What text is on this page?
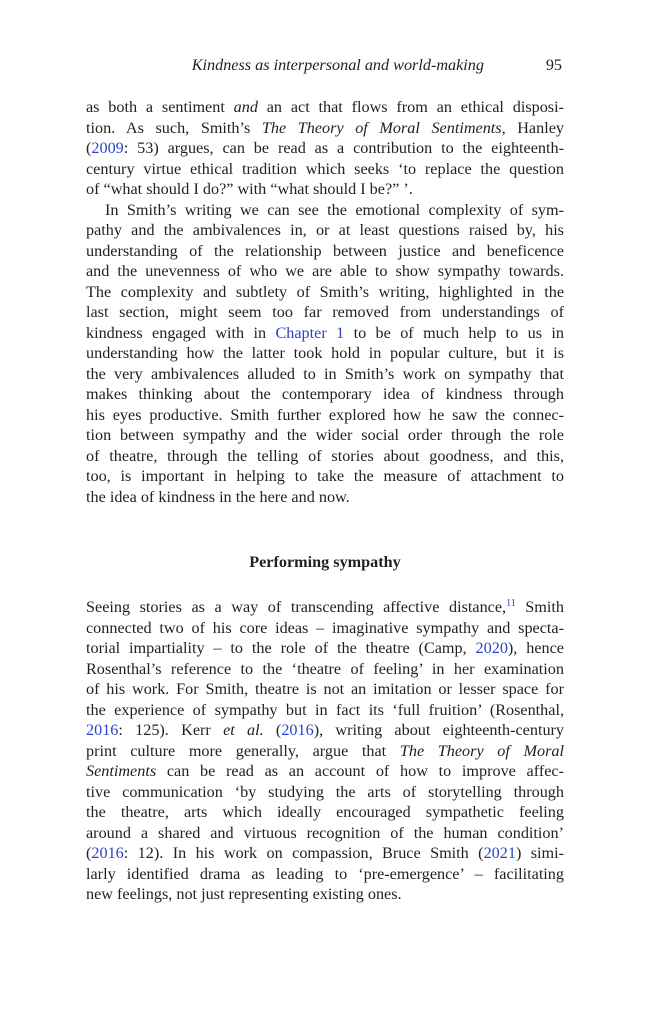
Kindness as interpersonal and world-making	95

as both a sentiment and an act that flows from an ethical disposi-
tion. As such, Smith’s The Theory of Moral Sentiments, Hanley
(2009: 53) argues, can be read as a contribution to the eighteenth-
century virtue ethical tradition which seeks ‘to replace the question
of “what should I do?” with “what should I be?” ’.

In Smith’s writing we can see the emotional complexity of sym-
pathy and the ambivalences in, or at least questions raised by, his
understanding of the relationship between justice and beneficence
and the unevenness of who we are able to show sympathy towards.
The complexity and subtlety of Smith’s writing, highlighted in the
last section, might seem too far removed from understandings of
kindness engaged with in Chapter 1 to be of much help to us in
understanding how the latter took hold in popular culture, but it is
the very ambivalences alluded to in Smith’s work on sympathy that
makes thinking about the contemporary idea of kindness through
his eyes productive. Smith further explored how he saw the connec-
tion between sympathy and the wider social order through the role
of theatre, through the telling of stories about goodness, and this,
too, is important in helping to take the measure of attachment to
the idea of kindness in the here and now.

Performing sympathy

Seeing stories as a way of transcending affective distance,$^{11}$ Smith
connected two of his core ideas – imaginative sympathy and specta-
torial impartiality – to the role of the theatre (Camp, 2020), hence
Rosenthal’s reference to the ‘theatre of feeling’ in her examination
of his work. For Smith, theatre is not an imitation or lesser space for
the experience of sympathy but in fact its ‘full fruition’ (Rosenthal,
2016: 125). Kerr et al. (2016), writing about eighteenth-century
print culture more generally, argue that The Theory of Moral
Sentiments can be read as an account of how to improve affec-
tive communication ‘by studying the arts of storytelling through
the theatre, arts which ideally encouraged sympathetic feeling
around a shared and virtuous recognition of the human condition’
(2016: 12). In his work on compassion, Bruce Smith (2021) simi-
larly identified drama as leading to ‘pre-emergence’ – facilitating
new feelings, not just representing existing ones.
